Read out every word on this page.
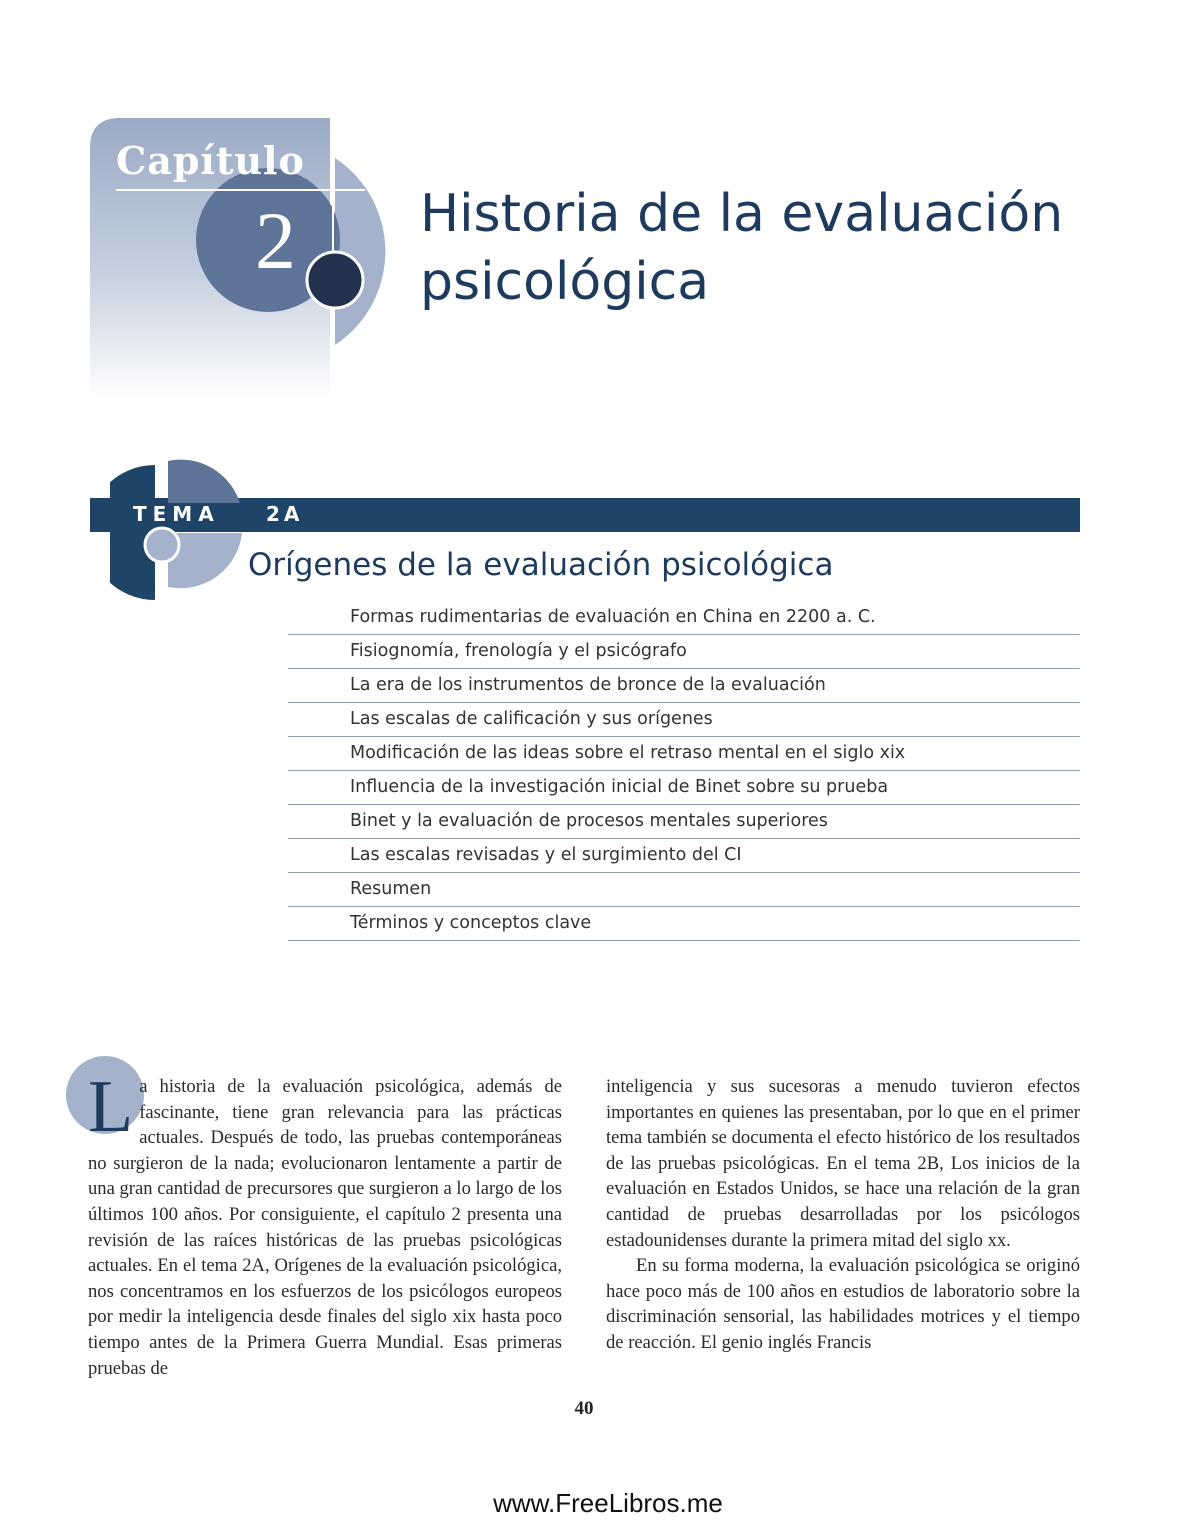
Capítulo
2 Historia de la evaluación
psicológica
TEMA 2A
Orígenes de la evaluación psicológica
Formas rudimentarias de evaluación en China en 2200 a. C.
Fisiognomía, frenología y el psicógrafo
La era de los instrumentos de bronce de la evaluación
Las escalas de calificación y sus orígenes
Modificación de las ideas sobre el retraso mental en el siglo xix
Influencia de la investigación inicial de Binet sobre su prueba
Binet y la evaluación de procesos mentales superiores
Las escalas revisadas y el surgimiento del CI
Resumen
Términos y conceptos clave

La historia de la evaluación psicológica, además de fascinante, tiene gran relevancia para las prácticas actuales. Después de todo, las pruebas contemporáneas no surgieron de la nada; evolucionaron lentamente a partir de una gran cantidad de precursores que surgieron a lo largo de los últimos 100 años. Por consiguiente, el capítulo 2 presenta una revisión de las raíces históricas de las pruebas psicológicas actuales. En el tema 2A, Orígenes de la evaluación psicológica, nos concentramos en los esfuerzos de los psicólogos europeos por medir la inteligencia desde finales del siglo xix hasta poco tiempo antes de la Primera Guerra Mundial. Esas primeras pruebas de

inteligencia y sus sucesoras a menudo tuvieron efectos importantes en quienes las presentaban, por lo que en el primer tema también se documenta el efecto histórico de los resultados de las pruebas psicológicas. En el tema 2B, Los inicios de la evaluación en Estados Unidos, se hace una relación de la gran cantidad de pruebas desarrolladas por los psicólogos estadounidenses durante la primera mitad del siglo xx.

En su forma moderna, la evaluación psicológica se originó hace poco más de 100 años en estudios de laboratorio sobre la discriminación sensorial, las habilidades motrices y el tiempo de reacción. El genio inglés Francis

40
www.FreeLibros.me
